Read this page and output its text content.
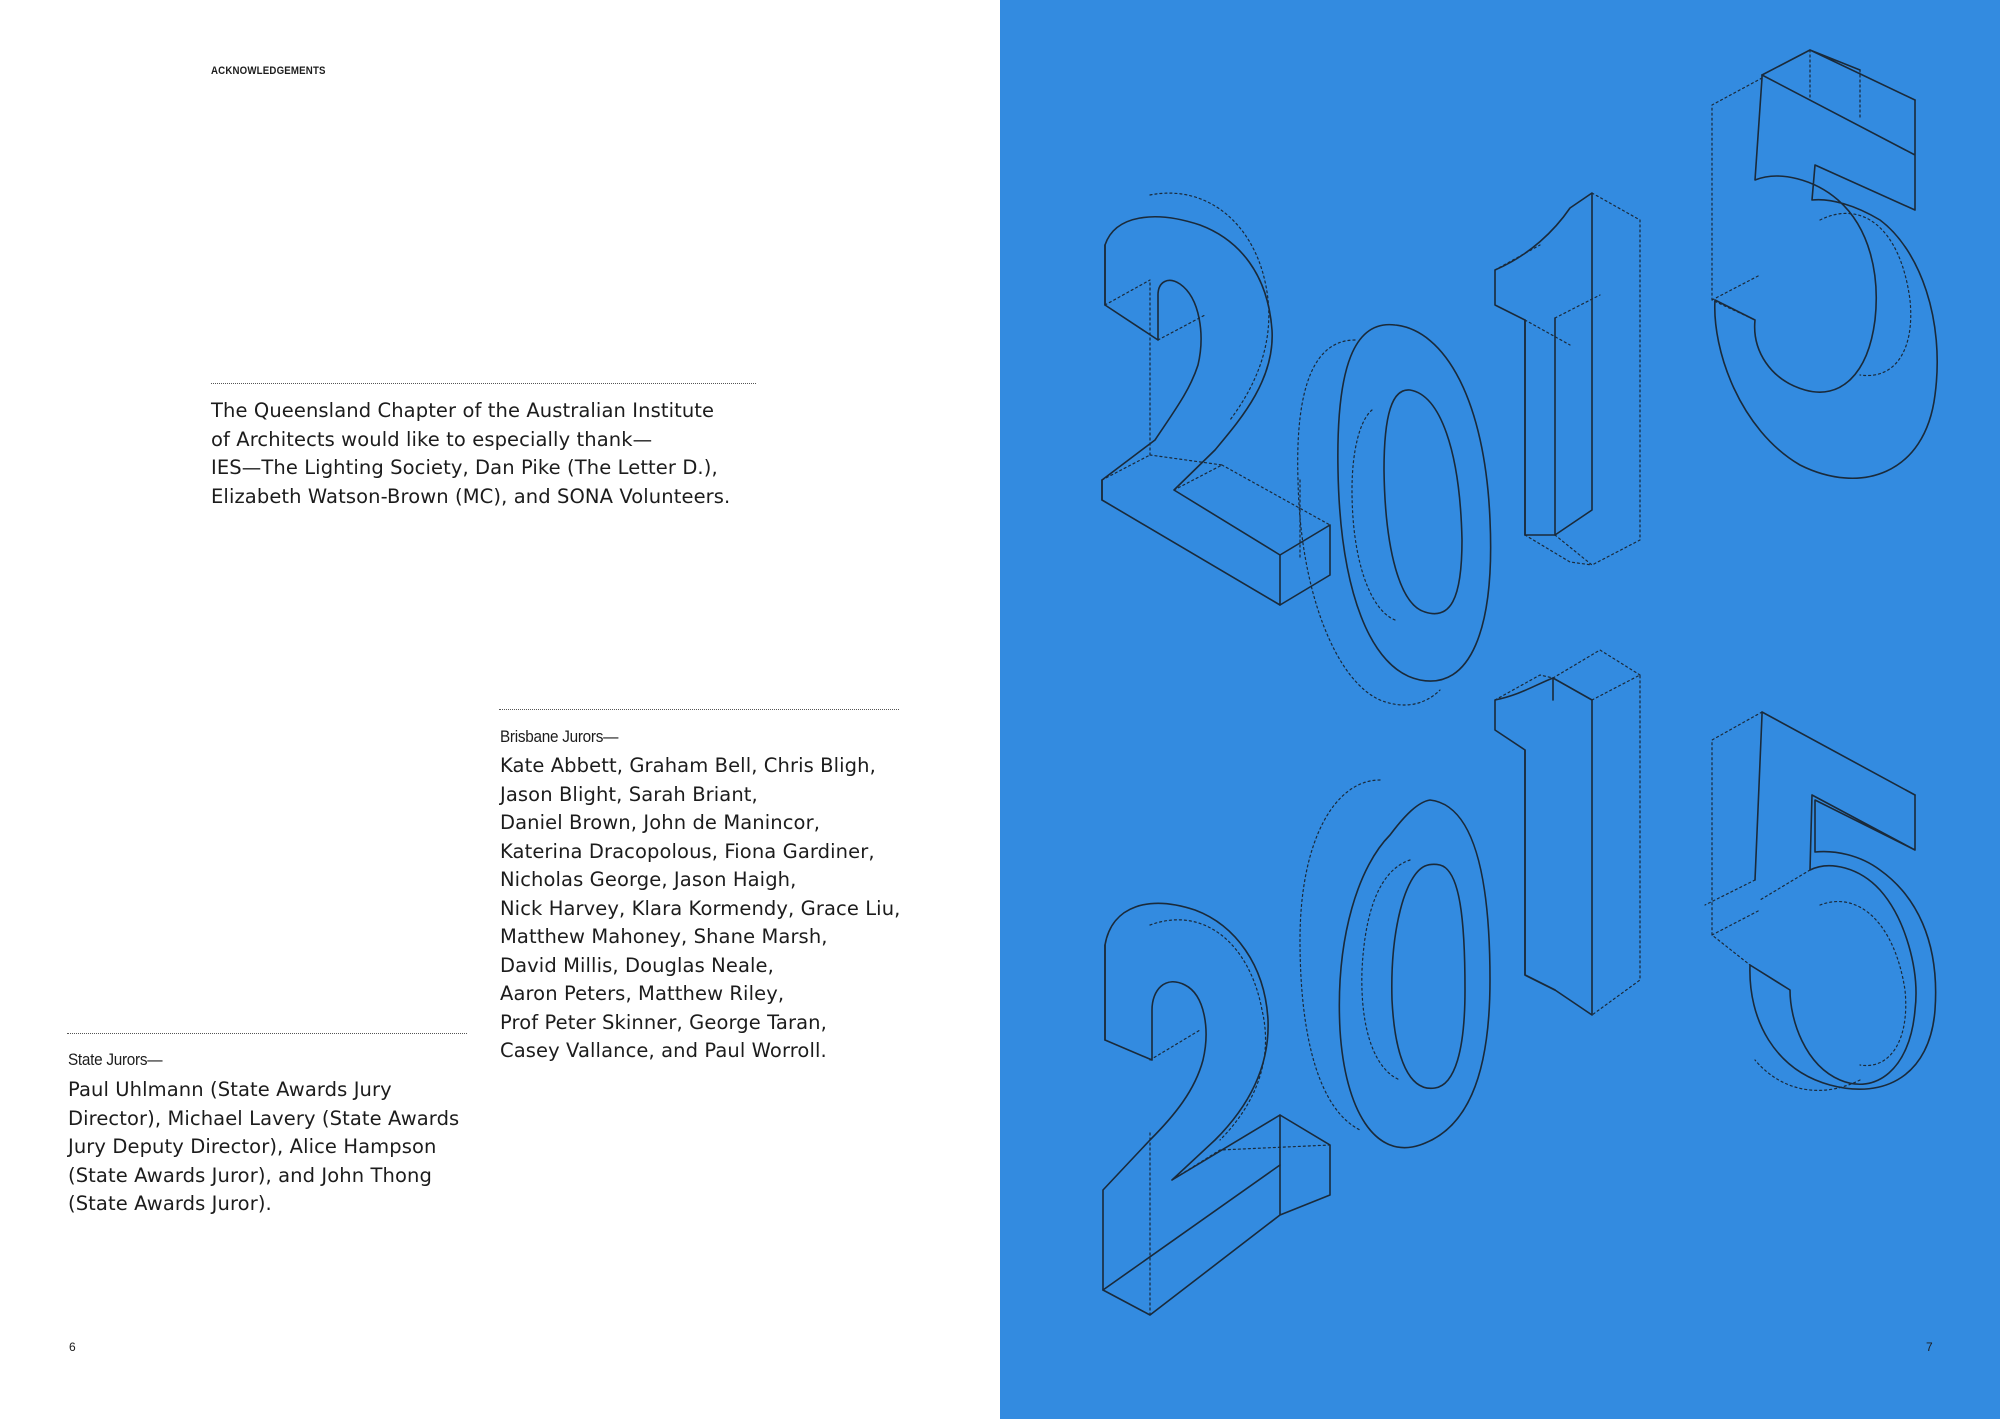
ACKNOWLEDGEMENTS
The Queensland Chapter of the Australian Institute
of Architects would like to especially thank—
IES—The Lighting Society, Dan Pike (The Letter D.),
Elizabeth Watson-Brown (MC), and SONA Volunteers.
Brisbane Jurors—
Kate Abbett, Graham Bell, Chris Bligh,
Jason Blight, Sarah Briant,
Daniel Brown, John de Manincor,
Katerina Dracopolous, Fiona Gardiner,
Nicholas George, Jason Haigh,
Nick Harvey, Klara Kormendy, Grace Liu,
Matthew Mahoney, Shane Marsh,
David Millis, Douglas Neale,
Aaron Peters, Matthew Riley,
Prof Peter Skinner, George Taran,
Casey Vallance, and Paul Worroll.
State Jurors—
Paul Uhlmann (State Awards Jury
Director), Michael Lavery (State Awards
Jury Deputy Director), Alice Hampson
(State Awards Juror), and John Thong
(State Awards Juror).
6	7
